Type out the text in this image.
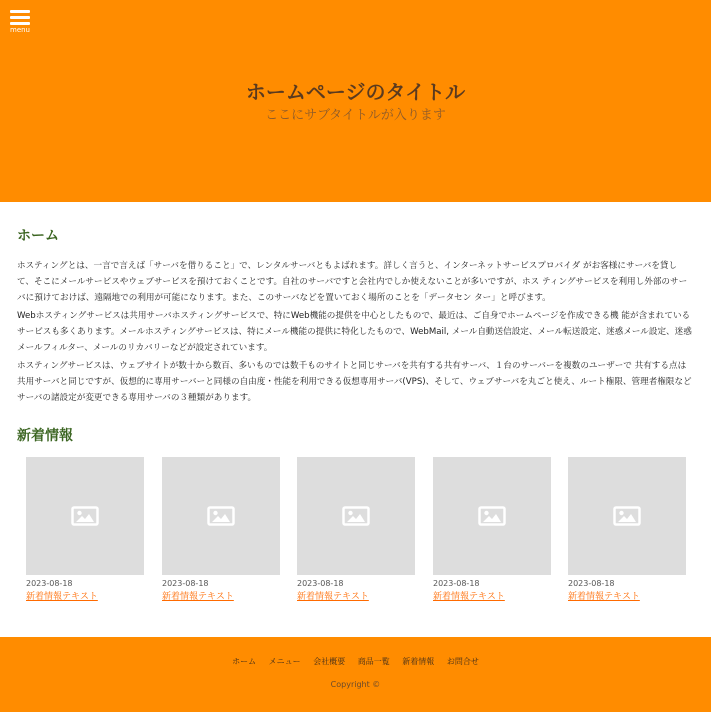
menu
ホームページのタイトル
ここにサブタイトルが入ります
ホーム

ホスティングとは、一言で言えば「サーバを借りること」で、レンタルサーバともよばれます。詳しく言うと、インターネットサービスプロバイダ がお客様にサーバを貸して、そこにメールサービスやウェブサービスを預けておくことです。自社のサーバですと会社内でしか使えないことが多いですが、ホス ティングサービスを利用し外部のサーバに預けておけば、遠隔地での利用が可能になります。また、このサーバなどを置いておく場所のことを「データセン ター」と呼びます。

Webホスティングサービスは共用サーバホスティングサービスで、特にWeb機能の提供を中心としたもので、最近は、ご自身でホームページを作成できる機 能が含まれているサービスも多くあります。メールホスティングサービスは、特にメール機能の提供に特化したもので、WebMail, メール自動送信設定、メール転送設定、迷惑メール設定、迷惑メールフィルター、メールのリカバリーなどが設定されています。

ホスティングサービスは、ウェブサイトが数十から数百、多いものでは数千ものサイトと同じサーバを共有する共有サーバ、１台のサーバーを複数のユーザーで 共有する点は共用サーバと同じですが、仮想的に専用サーバーと同様の自由度・性能を利用できる仮想専用サーバ(VPS)、そして、ウェブサーバを丸ごと使え、ルート権限、管理者権限などサーバの諸設定が変更できる専用サーバの３種類があります。

新着情報
2023-08-18
新着情報テキスト
2023-08-18
新着情報テキスト
2023-08-18
新着情報テキスト
2023-08-18
新着情報テキスト
2023-08-18
新着情報テキスト
ホーム メニュー 会社概要 商品一覧 新着情報 お問合せ
Copyright ©
